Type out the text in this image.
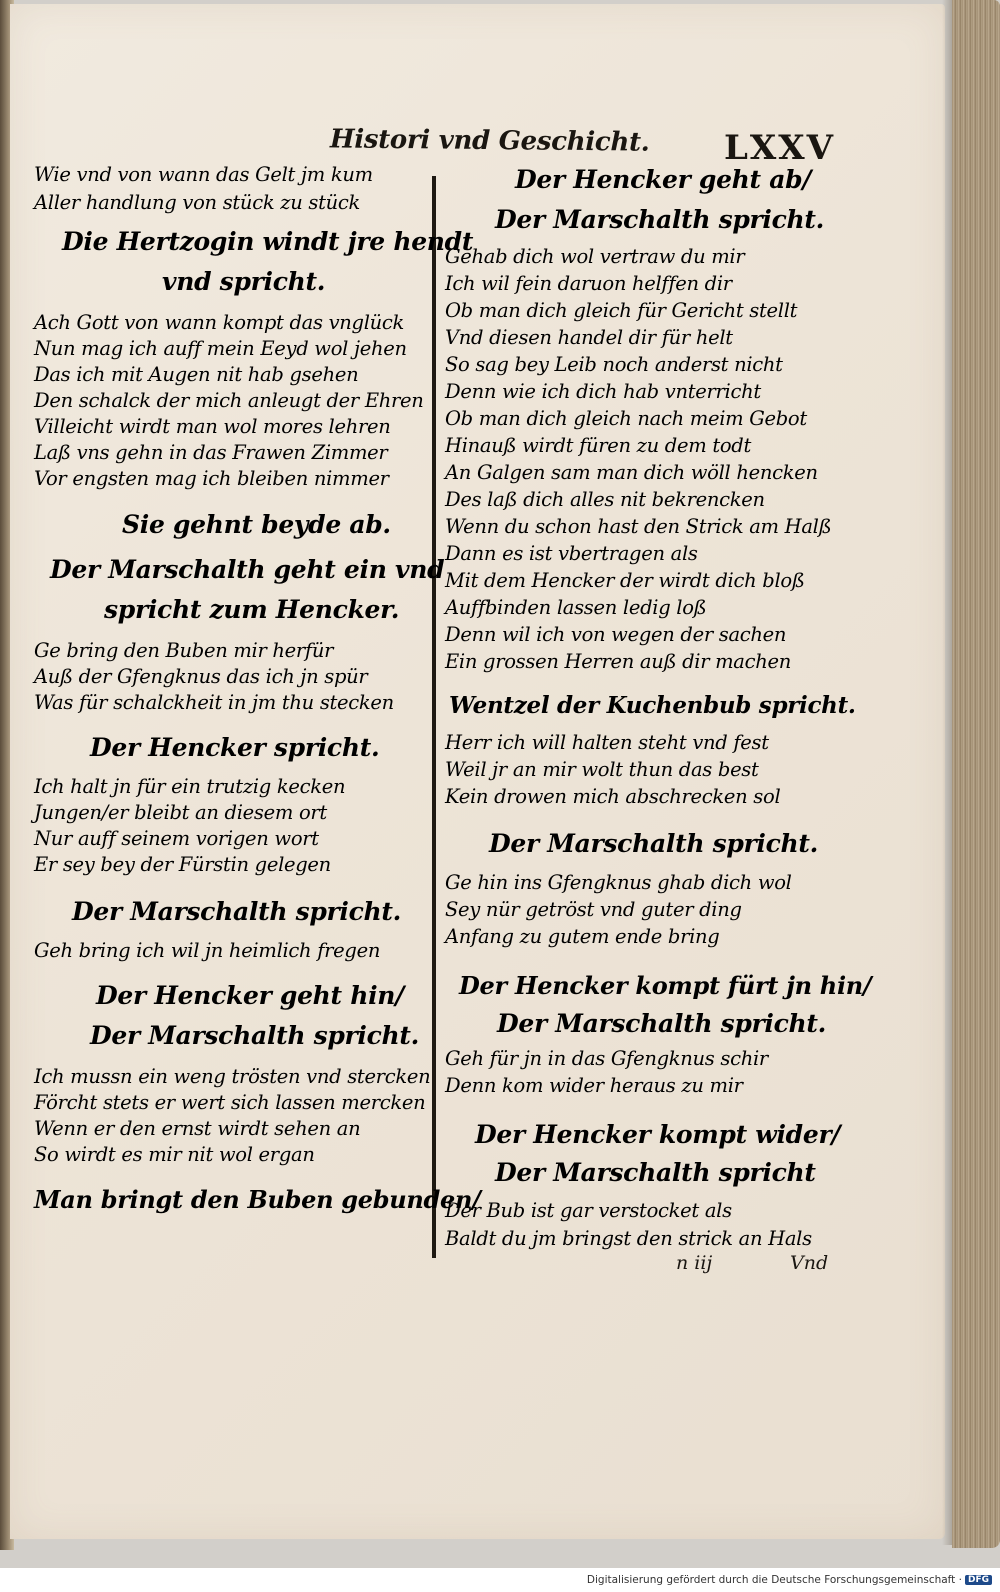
Histori vnd Geschicht. LXXV
Wie vnd von wann das Gelt jm kum
Aller handlung von stück zu stück
Die Hertzogin windt jre hendt
vnd spricht.
Ach Gott von wann kompt das vnglück
Nun mag ich auff mein Eeyd wol jehen
Das ich mit Augen nit hab gsehen
Den schalck der mich anleugt der Ehren
Villeicht wirdt man wol mores lehren
Laß vns gehn in das Frawen Zimmer
Vor engsten mag ich bleiben nimmer
Sie gehnt beyde ab.
Der Marschalth geht ein vnd
spricht zum Hencker.
Ge bring den Buben mir herfür
Auß der Gfengknus das ich jn spür
Was für schalckheit in jm thu stecken
Der Hencker spricht.
Ich halt jn für ein trutzig kecken
Jungen/er bleibt an diesem ort
Nur auff seinem vorigen wort
Er sey bey der Fürstin gelegen
Der Marschalth spricht.
Geh bring ich wil jn heimlich fregen
Der Hencker geht hin/
Der Marschalth spricht.
Ich mussn ein weng trösten vnd stercken
Förcht stets er wert sich lassen mercken
Wenn er den ernst wirdt sehen an
So wirdt es mir nit wol ergan
Man bringt den Buben gebunden/
Der Hencker geht ab/
Der Marschalth spricht.
Gehab dich wol vertraw du mir
Ich wil fein daruon helffen dir
Ob man dich gleich für Gericht stellt
Vnd diesen handel dir für helt
So sag bey Leib noch anderst nicht
Denn wie ich dich hab vnterricht
Ob man dich gleich nach meim Gebot
Hinauß wirdt füren zu dem todt
An Galgen sam man dich wöll hencken
Des laß dich alles nit bekrencken
Wenn du schon hast den Strick am Halß
Dann es ist vbertragen als
Mit dem Hencker der wirdt dich bloß
Auffbinden lassen ledig loß
Denn wil ich von wegen der sachen
Ein grossen Herren auß dir machen
Wentzel der Kuchenbub spricht.
Herr ich will halten steht vnd fest
Weil jr an mir wolt thun das best
Kein drowen mich abschrecken sol
Der Marschalth spricht.
Ge hin ins Gfengknus ghab dich wol
Sey nür getröst vnd guter ding
Anfang zu gutem ende bring
Der Hencker kompt fürt jn hin/
Der Marschalth spricht.
Geh für jn in das Gfengknus schir
Denn kom wider heraus zu mir
Der Hencker kompt wider/
Der Marschalth spricht
Der Bub ist gar verstocket als
Baldt du jm bringst den strick an Hals
n iij	Vnd
Digitalisierung gefördert durch die Deutsche Forschungsgemeinschaft · DFG
